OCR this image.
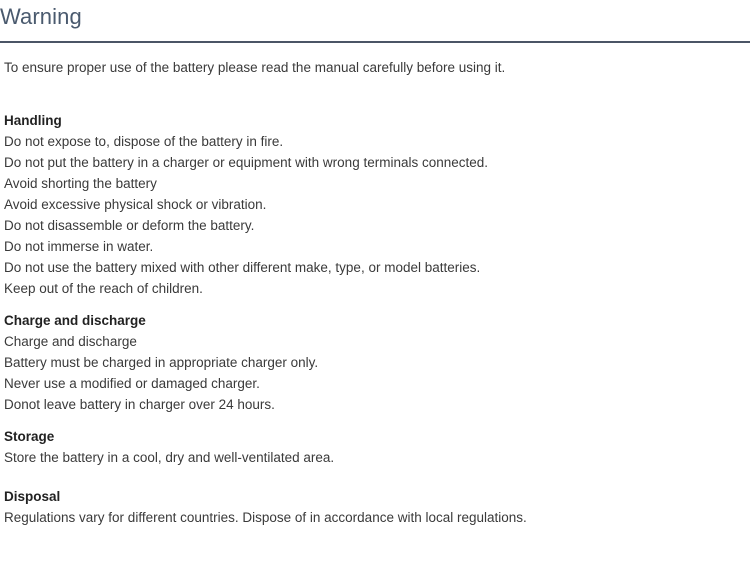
Warning
To ensure proper use of the battery please read the manual carefully before using it.
Handling
Do not expose to, dispose of the battery in fire.
Do not put the battery in a charger or equipment with wrong terminals connected.
Avoid shorting the battery
Avoid excessive physical shock or vibration.
Do not disassemble or deform the battery.
Do not immerse in water.
Do not use the battery mixed with other different make, type, or model batteries.
Keep out of the reach of children.
Charge and discharge
Charge and discharge
Battery must be charged in appropriate charger only.
Never use a modified or damaged charger.
Donot leave battery in charger over 24 hours.
Storage
Store the battery in a cool, dry and well-ventilated area.
Disposal
Regulations vary for different countries. Dispose of in accordance with local regulations.
